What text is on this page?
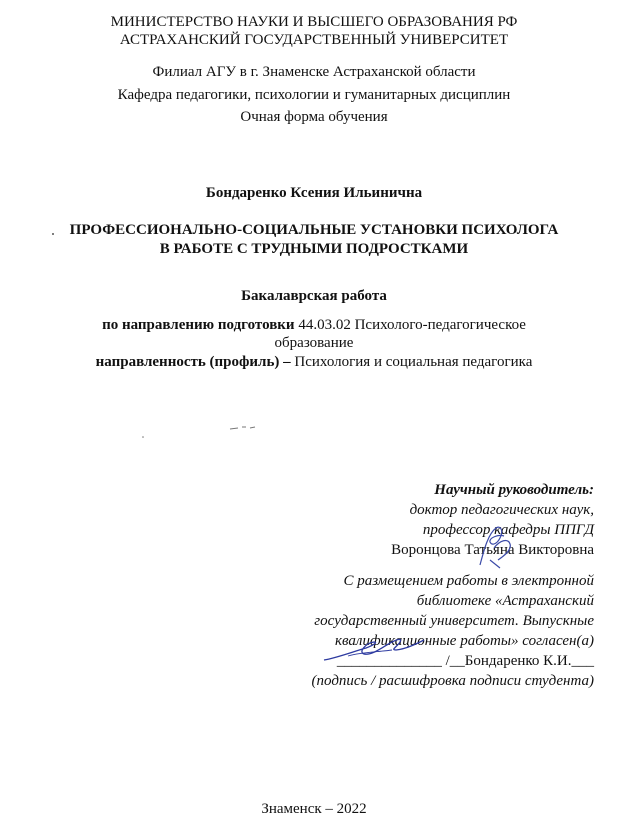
МИНИСТЕРСТВО НАУКИ И ВЫСШЕГО ОБРАЗОВАНИЯ РФ
АСТРАХАНСКИЙ ГОСУДАРСТВЕННЫЙ УНИВЕРСИТЕТ
Филиал АГУ в г. Знаменске Астраханской области
Кафедра педагогики, психологии и гуманитарных дисциплин
Очная форма обучения
Бондаренко Ксения Ильинична
ПРОФЕССИОНАЛЬНО-СОЦИАЛЬНЫЕ УСТАНОВКИ ПСИХОЛОГА
В РАБОТЕ С ТРУДНЫМИ ПОДРОСТКАМИ
Бакалаврская работа
по направлению подготовки 44.03.02 Психолого-педагогическое
образование
направленность (профиль) – Психология и социальная педагогика
Научный руководитель:
доктор педагогических наук,
профессор кафедры ППГД
Воронцова Татьяна Викторовна
С размещением работы в электронной
библиотеке «Астраханский
государственный университет. Выпускные
квалификационные работы» согласен(а)
______________ /__Бондаренко К.И.___
(подпись / расшифровка подписи студента)
Знаменск – 2022
